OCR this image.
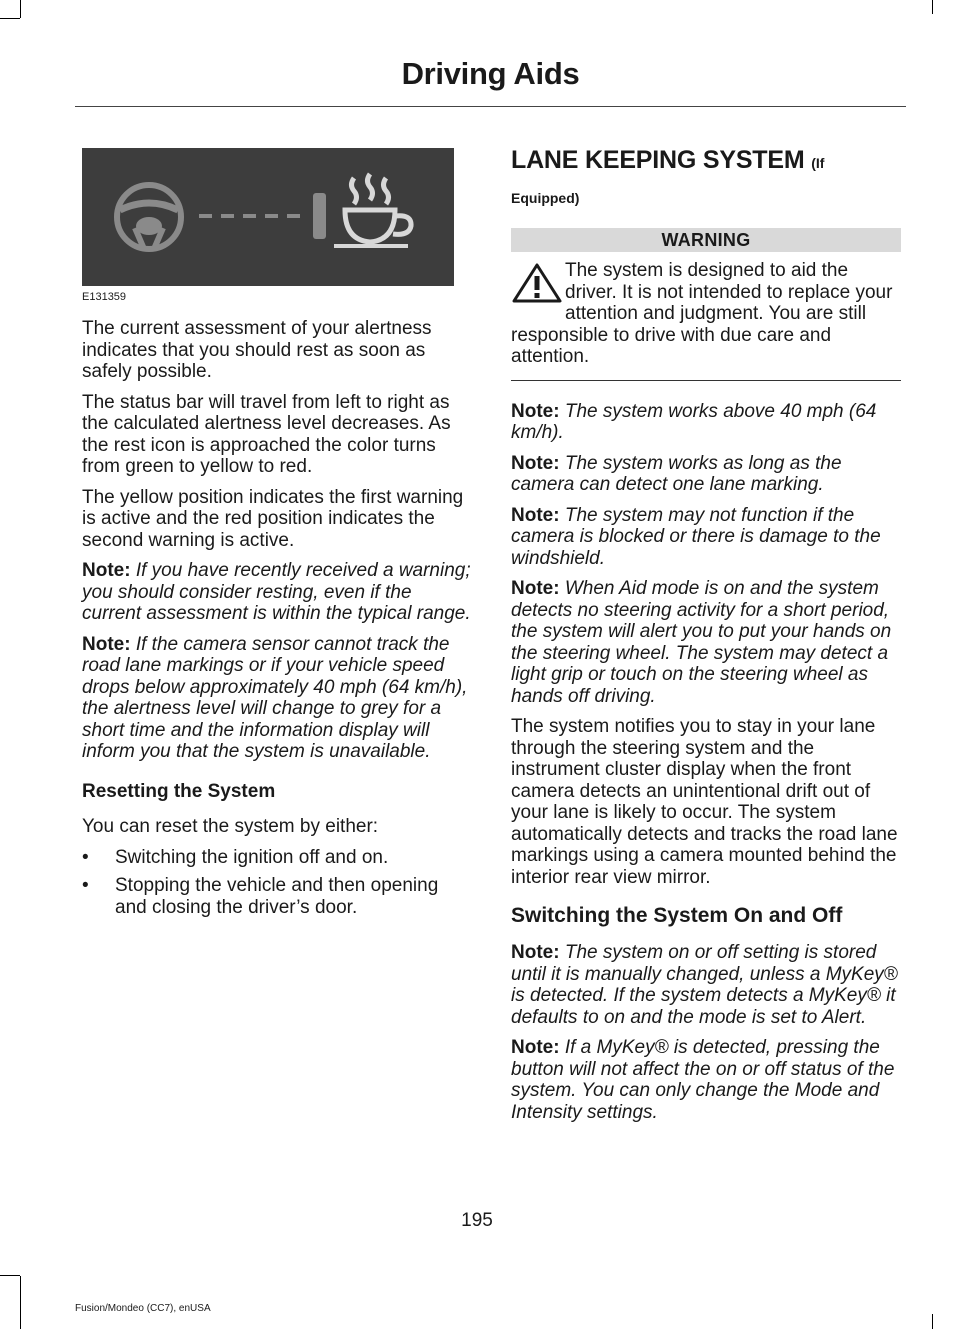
Driving Aids
E131359

The current assessment of your alertness indicates that you should rest as soon as safely possible.

The status bar will travel from left to right as the calculated alertness level decreases. As the rest icon is approached the color turns from green to yellow to red.

The yellow position indicates the first warning is active and the red position indicates the second warning is active.

Note: If you have recently received a warning; you should consider resting, even if the current assessment is within the typical range.

Note: If the camera sensor cannot track the road lane markings or if your vehicle speed drops below approximately 40 mph (64 km/h), the alertness level will change to grey for a short time and the information display will inform you that the system is unavailable.

Resetting the System

You can reset the system by either:

• Switching the ignition off and on.
• Stopping the vehicle and then opening and closing the driver’s door.
LANE KEEPING SYSTEM (If
Equipped)
WARNING
The system is designed to aid the driver. It is not intended to replace your attention and judgment. You are still responsible to drive with due care and attention.

Note: The system works above 40 mph (64 km/h).

Note: The system works as long as the camera can detect one lane marking.

Note: The system may not function if the camera is blocked or there is damage to the windshield.

Note: When Aid mode is on and the system detects no steering activity for a short period, the system will alert you to put your hands on the steering wheel. The system may detect a light grip or touch on the steering wheel as hands off driving.

The system notifies you to stay in your lane through the steering system and the instrument cluster display when the front camera detects an unintentional drift out of your lane is likely to occur. The system automatically detects and tracks the road lane markings using a camera mounted behind the interior rear view mirror.

Switching the System On and Off

Note: The system on or off setting is stored until it is manually changed, unless a MyKey® is detected. If the system detects a MyKey® it defaults to on and the mode is set to Alert.

Note: If a MyKey® is detected, pressing the button will not affect the on or off status of the system. You can only change the Mode and Intensity settings.

195
Fusion/Mondeo (CC7), enUSA
